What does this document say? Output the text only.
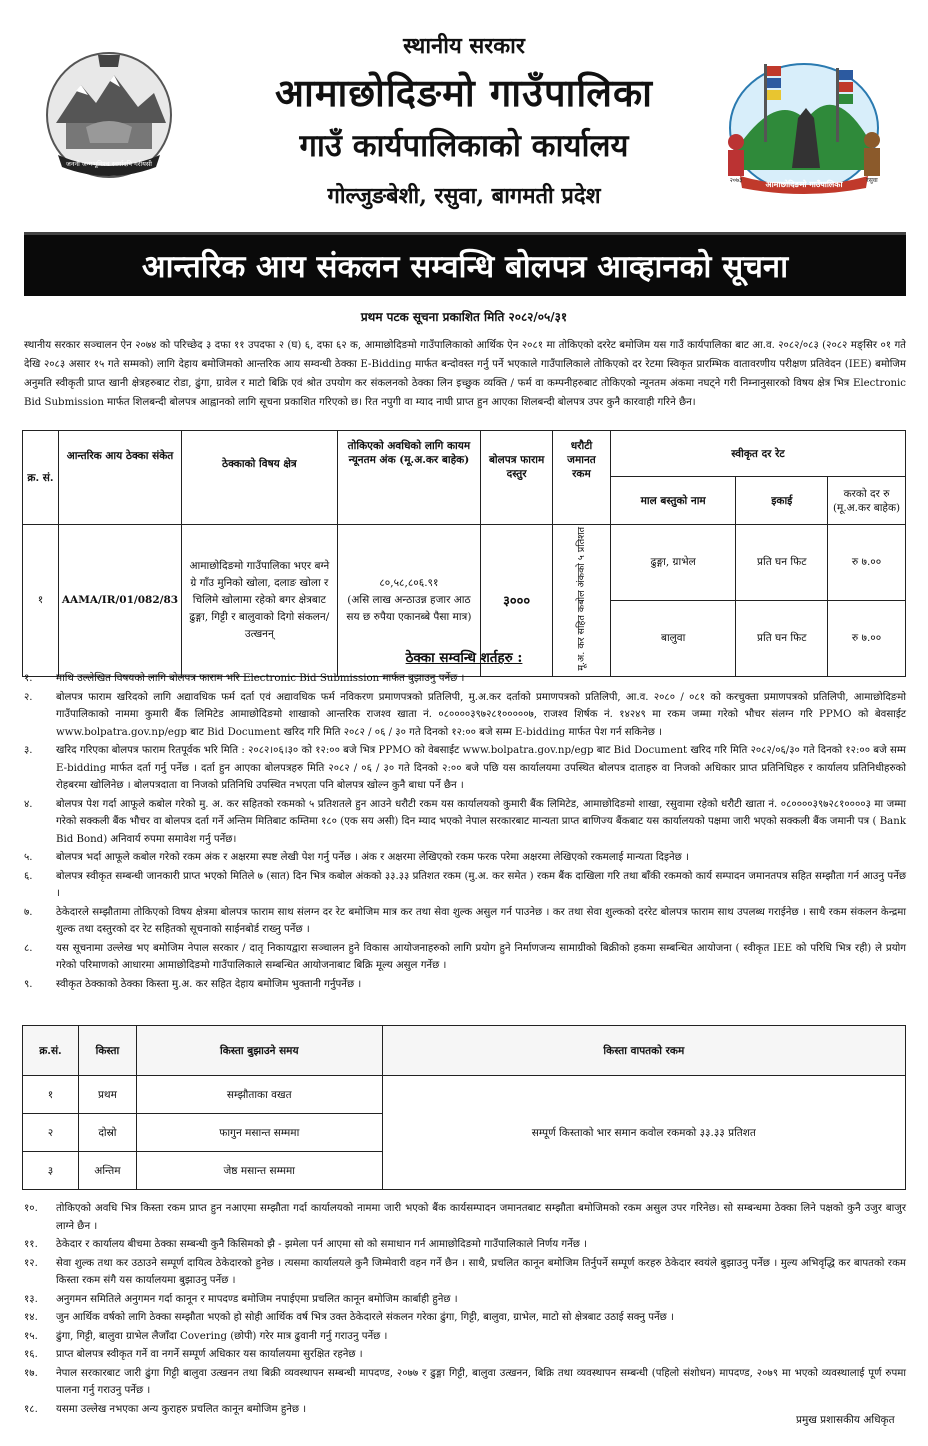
जननी जन्मभूमिश्च स्वर्गादपि गरीयसी
स्थानीय सरकार
आमाछोदिङमो गाउँपालिका
गाउँ कार्यपालिकाको कार्यालय
गोल्जुङबेशी, रसुवा, बागमती प्रदेश	आमाछोदिङमो गाउँपालिका
२०७३	रसुवा
आन्तरिक आय संकलन सम्वन्धि बोलपत्र आव्हानको सूचना
प्रथम पटक सूचना प्रकाशित मिति २०८२/०५/३१
स्थानीय सरकार सञ्चालन ऐन २०७४ को परिच्छेद ३ दफा ११ उपदफा २ (घ) ६, दफा ६२ क, आमाछोदिङमो गाउँपालिकाको आर्थिक ऐन २०८१ मा तोकिएको दररेट बमोजिम यस गाउँ कार्यपालिका बाट आ.व. २०८२/०८३ (२०८२ मङ्सिर ०१ गते देखि २०८३ असार १५ गते सम्मको) लागि देहाय बमोजिमको आन्तरिक आय सम्वन्धी ठेक्का E-Bidding मार्फत बन्दोवस्त गर्नु पर्ने भएकाले गाउँपालिकाले तोकिएको दर रेटमा स्विकृत प्रारम्भिक वातावरणीय परीक्षण प्रतिवेदन (IEE) बमोजिम अनुमति स्वीकृती प्राप्त खानी क्षेत्रहरुबाट रोडा, ढुंगा, ग्रावेल र माटो बिक्रि एवं श्रोत उपयोग कर संकलनको ठेक्का लिन इच्छुक व्यक्ति / फर्म वा कम्पनीहरुबाट तोकिएको न्यूनतम अंकमा नघट्ने गरी निम्नानुसारको विषय क्षेत्र भित्र Electronic Bid Submission मार्फत शिलबन्दी बोलपत्र आह्वानको लागि सूचना प्रकाशित गरिएको छ। रित नपुगी वा म्याद नाघी प्राप्त हुन आएका शिलबन्दी बोलपत्र उपर कुनै कारवाही गरिने छैन।
क्र. सं.	आन्तरिक आय ठेक्का संकेत	ठेक्काको विषय क्षेत्र	तोकिएको अवधिको लागि कायम न्यूनतम अंक (मू.अ.कर बाहेक)	बोलपत्र फाराम दस्तुर	धरौटी जमानत रकम	स्वीकृत दर रेट		
						माल बस्तुको नाम	इकाई	करको दर रु (मू.अ.कर बाहेक)
१	AAMA/IR/01/082/83	आमाछोदिङमो गाउँपालिका भएर बग्ने ग्रे गाँउ मुनिको खोला, दलाङ खोला र चिलिमे खोलामा रहेको बगर क्षेत्रबाट ढुङ्गा, गिट्टी र बालुवाको दिगो संकलन/उत्खनन्	८०,५८,८०६.९१
(असि लाख अन्ठाउन्न हजार आठ सय छ रुपैया एकानब्बे पैसा मात्र)	३०००	मू.अ. कर सहित कबोल अंकको ५ प्रतिशत	ढुङ्गा, ग्राभेल	प्रति घन फिट	रु ७.००
						बालुवा	प्रति घन फिट	रु ७.००
ठेक्का सम्वन्धि शर्तहरु :
१.	माथि उल्लेखित विषयको लागि बोलपत्र फाराम भरि Electronic Bid Submission मार्फत बुझाउनु पर्नेछ ।
२.	बोलपत्र फाराम खरिदको लागि अद्यावधिक फर्म दर्ता एवं अद्यावधिक फर्म नविकरण प्रमाणपत्रको प्रतिलिपी, मु.अ.कर दर्ताको प्रमाणपत्रको प्रतिलिपी, आ.व. २०८० / ०८१ को करचुक्ता प्रमाणपत्रको प्रतिलिपी, आमाछोदिङमो गाउँपालिकाको नाममा कुमारी बैंक लिमिटेड आमाछोदिङमो शाखाको आन्तरिक राजश्व खाता नं. ०८००००३९७२८१०००००७, राजश्व शिर्षक नं. १४२४९ मा रकम जम्मा गरेको भौचर संलग्न गरि PPMO को बेवसाईट www.bolpatra.gov.np/egp बाट Bid Document खरिद गरि मिति २०८२ / ०६ / ३० गते दिनको १२:०० बजे सम्म E-bidding मार्फत पेश गर्न सकिनेछ ।
३.	खरिद गरिएका बोलपत्र फाराम रितपूर्वक भरि मिति : २०८२।०६।३० को १२:०० बजे भित्र PPMO को वेबसाईट www.bolpatra.gov.np/egp बाट Bid Document खरिद गरि मिति २०८२/०६/३० गते दिनको १२:०० बजे सम्म E-bidding मार्फत दर्ता गर्नु पर्नेछ । दर्ता हुन आएका बोलपत्रहरु मिति २०८२ / ०६ / ३० गते दिनको २:०० बजे पछि यस कार्यालयमा उपस्थित बोलपत्र दाताहरु वा निजको अधिकार प्राप्त प्रतिनिधिहरु र कार्यालय प्रतिनिधीहरुको रोहबरमा खोलिनेछ । बोलपत्रदाता वा निजको प्रतिनिधि उपस्थित नभएता पनि बोलपत्र खोल्न कुनै बाधा पर्ने छैन ।
४.	बोलपत्र पेश गर्दा आफूले कबोल गरेको मु. अ. कर सहितको रकमको ५ प्रतिशतले हुन आउने धरौटी रकम यस कार्यालयको कुमारी बैंक लिमिटेड, आमाछोदिङमो शाखा, रसुवामा रहेको धरौटी खाता नं. ०८००००३९७२८१००००३ मा जम्मा गरेको सक्कली बैंक भौचर वा बोलपत्र दर्ता गर्ने अन्तिम मितिबाट कम्तिमा १८० (एक सय असी) दिन म्याद भएको नेपाल सरकारबाट मान्यता प्राप्त बाणिज्य बैंकबाट यस कार्यालयको पक्षमा जारी भएको सक्कली बैंक जमानी पत्र ( Bank Bid Bond) अनिवार्य रुपमा समावेश गर्नु पर्नेछ।
५.	बोलपत्र भर्दा आफूले कबोल गरेको रकम अंक र अक्षरमा स्पष्ट लेखी पेश गर्नु पर्नेछ । अंक र अक्षरमा लेखिएको रकम फरक परेमा अक्षरमा लेखिएको रकमलाई मान्यता दिइनेछ ।
६.	बोलपत्र स्वीकृत सम्बन्धी जानकारी प्राप्त भएको मितिले ७ (सात) दिन भित्र कबोल अंकको ३३.३३ प्रतिशत रकम (मु.अ. कर समेत ) रकम बैंक दाखिला गरि तथा बाँकी रकमको कार्य सम्पादन जमानतपत्र सहित सम्झौता गर्न आउनु पर्नेछ ।
७.	ठेकेदारले सम्झौतामा तोकिएको विषय क्षेत्रमा बोलपत्र फाराम साथ संलग्न दर रेट बमोजिम मात्र कर तथा सेवा शुल्क असुल गर्न पाउनेछ । कर तथा सेवा शुल्कको दररेट बोलपत्र फाराम साथ उपलब्ध गराईनेछ । साथै रकम संकलन केन्द्रमा शुल्क तथा दस्तुरको दर रेट सहितको सूचनाको साईनबोर्ड राख्नु पर्नेछ ।
८.	यस सूचनामा उल्लेख भए बमोजिम नेपाल सरकार / दातृ निकायद्वारा सञ्चालन हुने विकास आयोजनाहरुको लागि प्रयोग हुने निर्माणजन्य सामाग्रीको बिक्रीको हकमा सम्बन्धित आयोजना ( स्वीकृत IEE को परिधि भित्र रही) ले प्रयोग गरेको परिमाणको आधारमा आमाछोदिङमो गाउँपालिकाले सम्बन्धित आयोजनाबाट बिक्रि मूल्य असुल गर्नेछ ।
९.	स्वीकृत ठेक्काको ठेक्का किस्ता मु.अ. कर सहित देहाय बमोजिम भुक्तानी गर्नुपर्नेछ ।
क्र.सं.	किस्ता	किस्ता बुझाउने समय	किस्ता वापतको रकम
१	प्रथम	सम्झौताका वखत	सम्पूर्ण किस्ताको भार समान कवोल रकमको ३३.३३ प्रतिशत
२	दोस्रो	फागुन मसान्त सम्ममा	
३	अन्तिम	जेष्ठ मसान्त सम्ममा	
१०.	तोकिएको अवधि भित्र किस्ता रकम प्राप्त हुन नआएमा सम्झौता गर्दा कार्यालयको नाममा जारी भएको बैंक कार्यसम्पादन जमानतबाट सम्झौता बमोजिमको रकम असुल उपर गरिनेछ। सो सम्बन्धमा ठेक्का लिने पक्षको कुनै उजुर बाजुर लाग्ने छैन ।
११.	ठेकेदार र कार्यालय बीचमा ठेक्का सम्बन्धी कुनै किसिमको झै - झमेला पर्न आएमा सो को समाधान गर्न आमाछोदिङमो गाउँपालिकाले निर्णय गर्नेछ ।
१२.	सेवा शुल्क तथा कर उठाउने सम्पूर्ण दायित्व ठेकेदारको हुनेछ । त्यसमा कार्यालयले कुनै जिम्मेवारी वहन गर्ने छैन । साथै, प्रचलित कानून बमोजिम तिर्नुपर्ने सम्पूर्ण करहरु ठेकेदार स्वयंले बुझाउनु पर्नेछ । मुल्य अभिवृद्धि कर बापतको रकम किस्ता रकम संगै यस कार्यालयमा बुझाउनु पर्नेछ ।
१३.	अनुगमन समितिले अनुगमन गर्दा कानून र मापदण्ड बमोजिम नपाईएमा प्रचलित कानून बमोजिम कार्बाही हुनेछ ।
१४.	जुन आर्थिक वर्षको लागि ठेक्का सम्झौता भएको हो सोही आर्थिक वर्ष भित्र उक्त ठेकेदारले संकलन गरेका ढुंगा, गिट्टी, बालुवा, ग्राभेल, माटो सो क्षेत्रबाट उठाई सक्नु पर्नेछ ।
१५.	ढुंगा, गिट्टी, बालुवा ग्राभेल लैजाँदा Covering (छोपी) गरेर मात्र ढुवानी गर्नु गराउनु पर्नेछ ।
१६.	प्राप्त बोलपत्र स्वीकृत गर्ने वा नगर्ने सम्पूर्ण अधिकार यस कार्यालयमा सुरक्षित रहनेछ ।
१७.	नेपाल सरकारबाट जारी ढुंगा गिट्टी बालुवा उत्खनन तथा बिक्री व्यवस्थापन सम्बन्धी मापदण्ड, २०७७ र ढुङ्गा गिट्टी, बालुवा उत्खनन, बिक्रि तथा व्यवस्थापन सम्बन्धी (पहिलो संशोधन) मापदण्ड, २०७९ मा भएको व्यवस्थालाई पूर्ण रुपमा पालना गर्नु गराउनु पर्नेछ ।
१८.	यसमा उल्लेख नभएका अन्य कुराहरु प्रचलित कानून बमोजिम हुनेछ ।
प्रमुख प्रशासकीय अधिकृत
